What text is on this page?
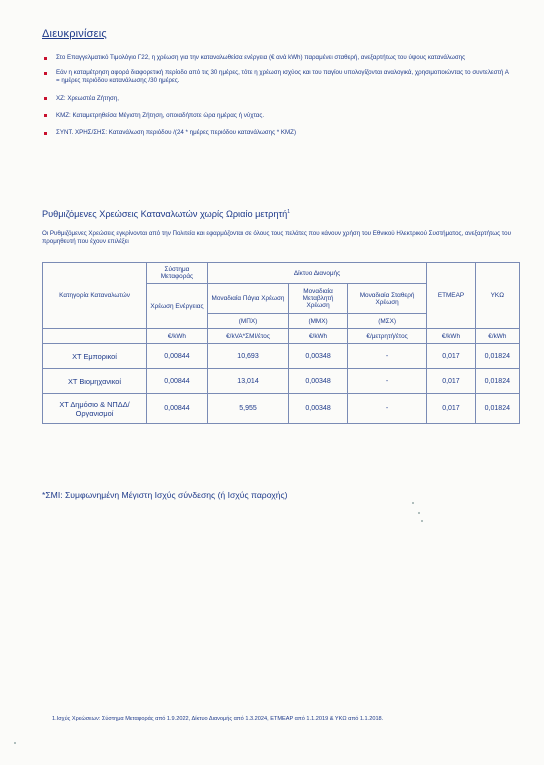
Διευκρινίσεις
Στο Επαγγελματικό Τιμολόγιο Γ22, η χρέωση για την καταναλωθείσα ενέργεια (€ ανά kWh) παραμένει σταθερή, ανεξαρτήτως του ύψους κατανάλωσης
Εάν η καταμέτρηση αφορά διαφορετική περίοδο από τις 30 ημέρες, τότε η χρέωση ισχύος και του παγίου υπολογίζονται αναλογικά, χρησιμοποιώντας το συντελεστή Α = ημέρες περιόδου κατανάλωσης /30 ημέρες.
ΧΖ: Χρεωστέα Ζήτηση,
ΚΜΖ: Καταμετρηθείσα Μέγιστη Ζήτηση, οποιαδήποτε ώρα ημέρας ή νύχτας.
ΣΥΝΤ. ΧΡΗΣ/ΣΗΣ: Κατανάλωση περιόδου /(24 * ημέρες περιόδου κατανάλωσης * ΚΜΖ)
Ρυθμιζόμενες Χρεώσεις Καταναλωτών χωρίς Ωριαίο μετρητή$^1$
Οι Ρυθμιζόμενες Χρεώσεις εγκρίνονται από την Πολιτεία και εφαρμόζονται σε όλους τους πελάτες που κάνουν χρήση του Εθνικού Ηλεκτρικού Συστήματος, ανεξαρτήτως του προμηθευτή που έχουν επιλέξει
Κατηγορία Καταναλωτών	Σύστημα Μεταφοράς	Δίκτυο Διανομής			ΕΤΜΕΑΡ	ΥΚΩ
	Χρέωση Ενέργειας	Μοναδιαία Πάγια Χρέωση	Μοναδιαία Μεταβλητή Χρέωση	Μοναδιαία Σταθερή Χρέωση		
		(ΜΠΧ)	(ΜΜΧ)	(ΜΣΧ)		
	€/kWh	€/kVA*ΣΜΙ/έτος	€/kWh	€/μετρητή/έτος	€/kWh	€/kWh
ΧΤ Εμπορικοί	0,00844	10,693	0,00348	-	0,017	0,01824
ΧΤ Βιομηχανικοί	0,00844	13,014	0,00348	-	0,017	0,01824
ΧΤ Δημόσιο & ΝΠΔΔ/Οργανισμοί	0,00844	5,955	0,00348	-	0,017	0,01824
*ΣΜΙ: Συμφωνημένη Μέγιστη Ισχύς σύνδεσης (ή Ισχύς παροχής)
1.Ισχύς Χρεώσεων: Σύστημα Μεταφοράς από 1.9.2022, Δίκτυο Διανομής από 1.3.2024, ΕΤΜΕΑΡ από 1.1.2019 & ΥΚΩ από 1.1.2018.
